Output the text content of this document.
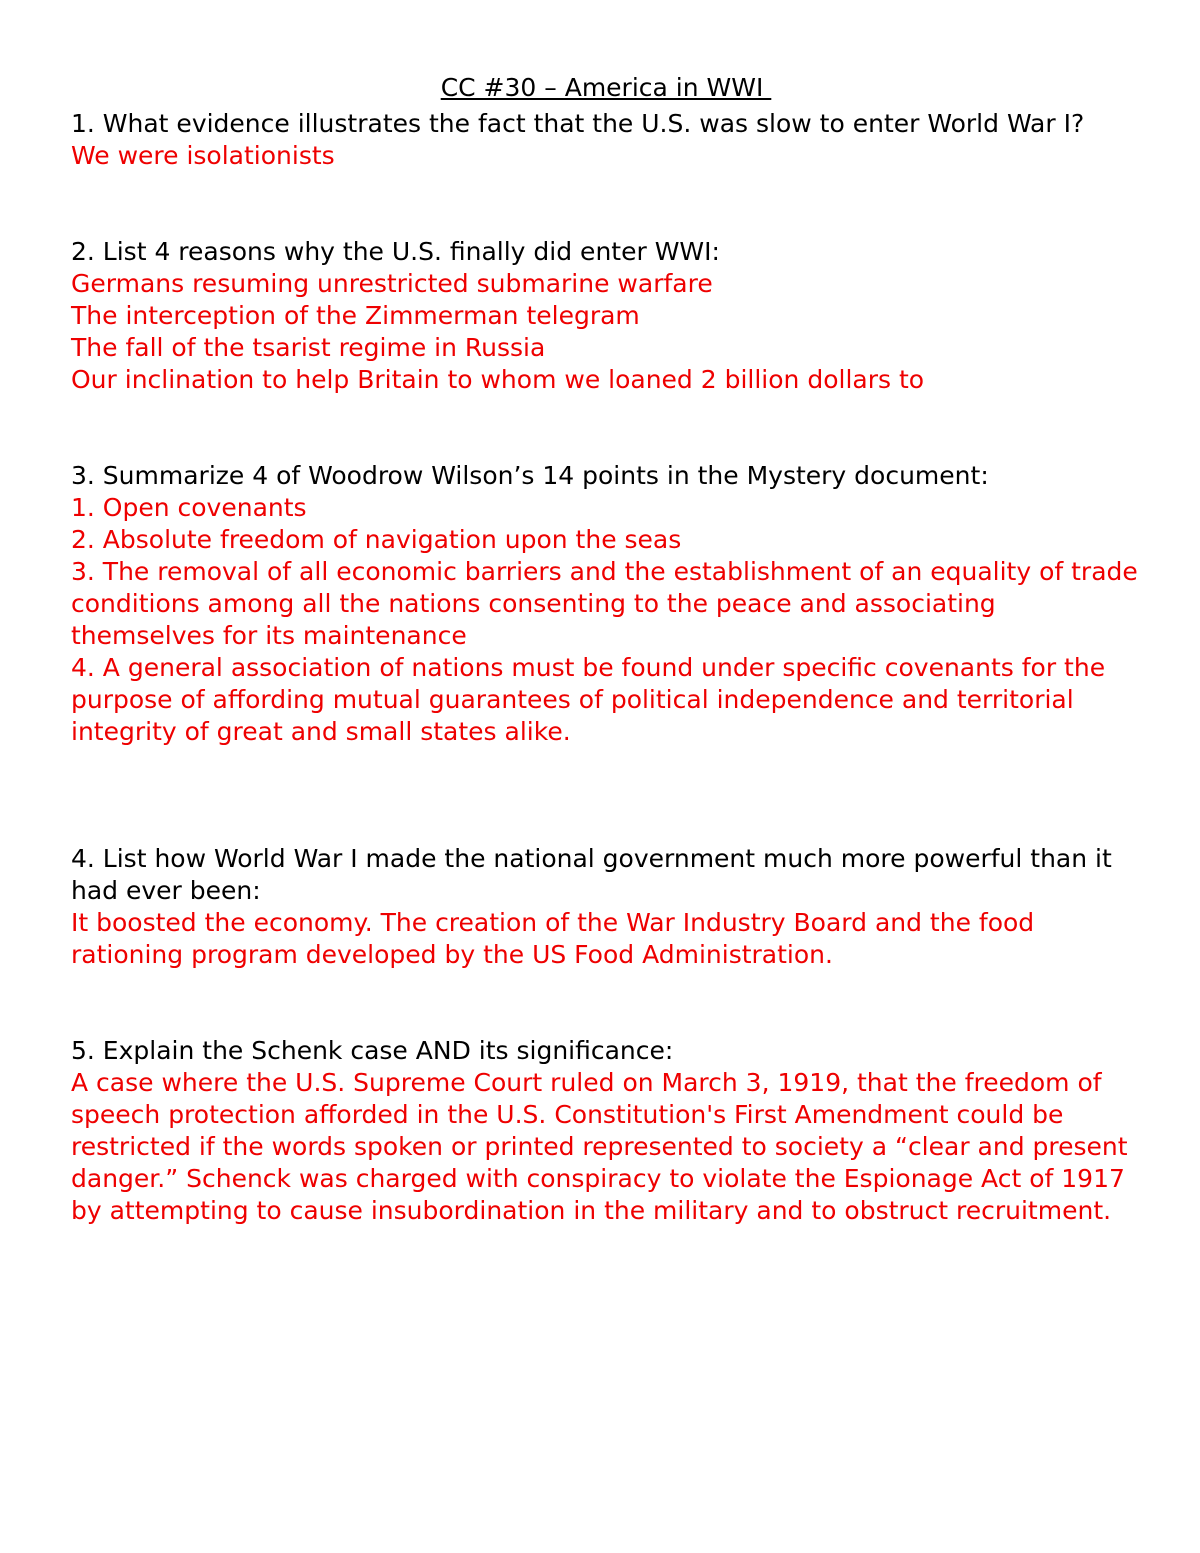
CC #30 – America in WWI

1. What evidence illustrates the fact that the U.S. was slow to enter World War I?

We were isolationists

2. List 4 reasons why the U.S. finally did enter WWI:

Germans resuming unrestricted submarine warfare

The interception of the Zimmerman telegram

The fall of the tsarist regime in Russia

Our inclination to help Britain to whom we loaned 2 billion dollars to

3. Summarize 4 of Woodrow Wilson’s 14 points in the Mystery document:

1. Open covenants

2. Absolute freedom of navigation upon the seas

3. The removal of all economic barriers and the establishment of an equality of trade conditions among all the nations consenting to the peace and associating themselves for its maintenance

4. A general association of nations must be found under specific covenants for the purpose of affording mutual guarantees of political independence and territorial integrity of great and small states alike.

4. List how World War I made the national government much more powerful than it had ever been:

It boosted the economy. The creation of the War Industry Board and the food rationing program developed by the US Food Administration.

5. Explain the Schenk case AND its significance:

A case where the U.S. Supreme Court ruled on March 3, 1919, that the freedom of speech protection afforded in the U.S. Constitution's First Amendment could be restricted if the words spoken or printed represented to society a “clear and present danger.” Schenck was charged with conspiracy to violate the Espionage Act of 1917 by attempting to cause insubordination in the military and to obstruct recruitment.
